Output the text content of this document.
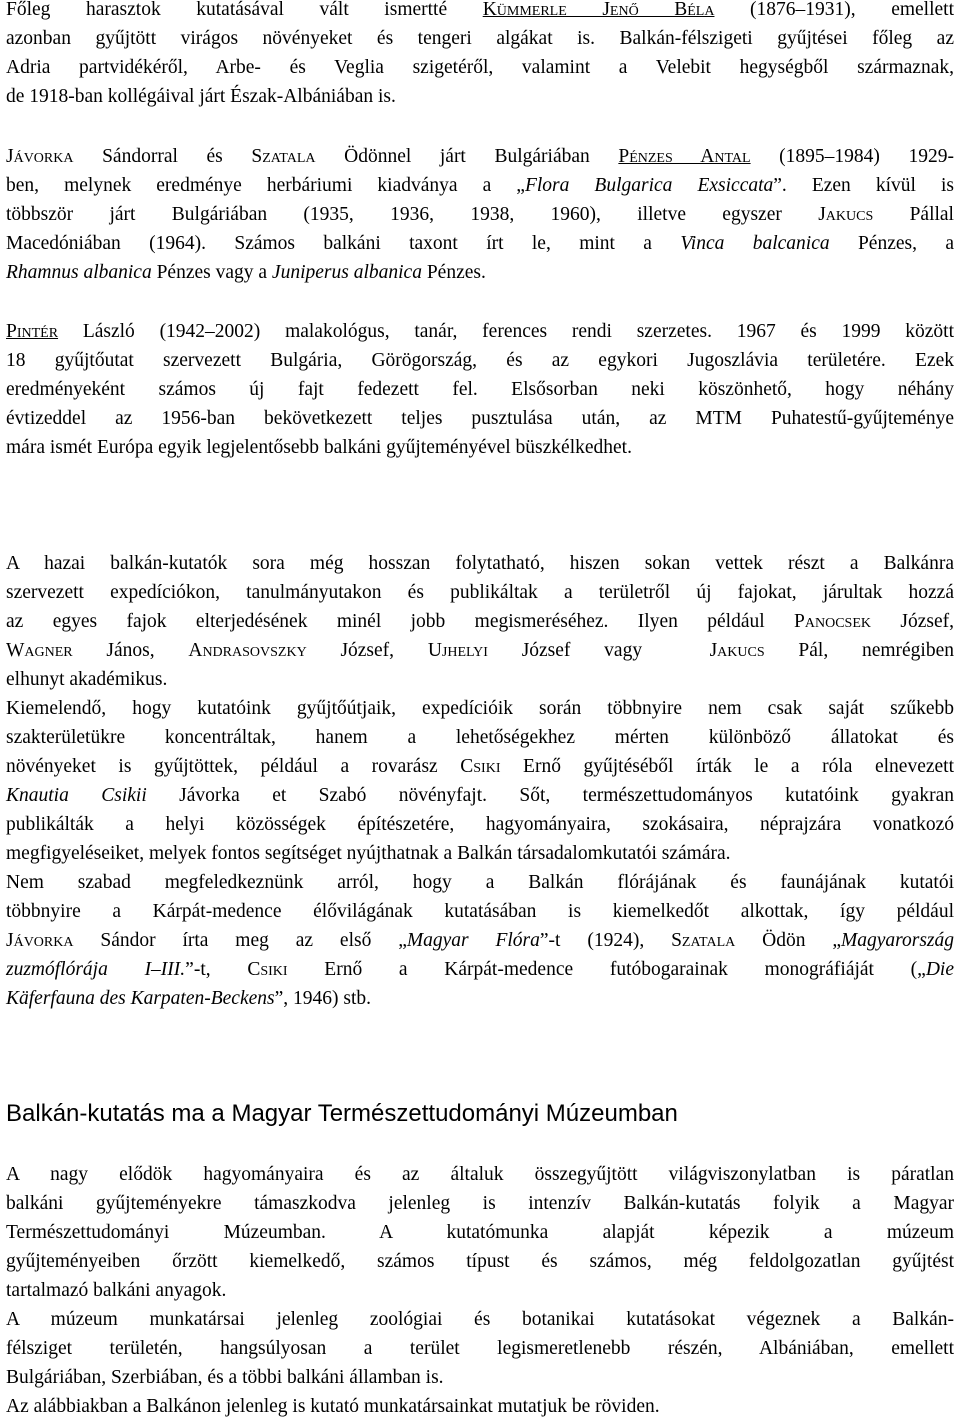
Főleg harasztok kutatásával vált ismertté Kümmerle Jenő Béla (1876–1931), emellett
azonban gyűjtött virágos növényeket és tengeri algákat is. Balkán-félszigeti gyűjtései főleg az
Adria partvidékéről, Arbe- és Veglia szigetéről, valamint a Velebit hegységből származnak,
de 1918-ban kollégáival járt Észak-Albániában is.

Jávorka Sándorral és Szatala Ödönnel járt Bulgáriában Pénzes Antal (1895–1984) 1929-
ben, melynek eredménye herbáriumi kiadványa a „Flora Bulgarica Exsiccata”. Ezen kívül is
többször járt Bulgáriában (1935, 1936, 1938, 1960), illetve egyszer Jakucs Pállal
Macedóniában (1964). Számos balkáni taxont írt le, mint a Vinca balcanica Pénzes, a
Rhamnus albanica Pénzes vagy a Juniperus albanica Pénzes.

Pintér László (1942–2002) malakológus, tanár, ferences rendi szerzetes. 1967 és 1999 között
18 gyűjtőutat szervezett Bulgária, Görögország, és az egykori Jugoszlávia területére. Ezek
eredményeként számos új fajt fedezett fel. Elsősorban neki köszönhető, hogy néhány
évtizeddel az 1956-ban bekövetkezett teljes pusztulása után, az MTM Puhatestű-gyűjteménye
mára ismét Európa egyik legjelentősebb balkáni gyűjteményével büszkélkedhet.

A hazai balkán-kutatók sora még hosszan folytatható, hiszen sokan vettek részt a Balkánra
szervezett expedíciókon, tanulmányutakon és publikáltak a területről új fajokat, járultak hozzá
az egyes fajok elterjedésének minél jobb megismeréséhez. Ilyen például Panocsek József,
Wagner János, Andrasovszky József, Ujhelyi József vagy  Jakucs Pál, nemrégiben
elhunyt akadémikus.
Kiemelendő, hogy kutatóink gyűjtőútjaik, expedícióik során többnyire nem csak saját szűkebb
szakterületükre koncentráltak, hanem a lehetőségekhez mérten különböző állatokat és
növényeket is gyűjtöttek, például a rovarász Csiki Ernő gyűjtéséből írták le a róla elnevezett
Knautia Csikii Jávorka et Szabó növényfajt. Sőt, természettudományos kutatóink gyakran
publikálták a helyi közösségek építészetére, hagyományaira, szokásaira, néprajzára vonatkozó
megfigyeléseiket, melyek fontos segítséget nyújthatnak a Balkán társadalomkutatói számára.
Nem szabad megfeledkeznünk arról, hogy a Balkán flórájának és faunájának kutatói
többnyire a Kárpát-medence élővilágának kutatásában is kiemelkedőt alkottak, így például
Jávorka Sándor írta meg az első „Magyar Flóra”-t (1924), Szatala Ödön „Magyarország
zuzmóflórája I–III.”-t, Csiki Ernő a Kárpát-medence futóbogarainak monográfiáját („Die
Käferfauna des Karpaten-Beckens”, 1946) stb.

Balkán-kutatás ma a Magyar Természettudományi Múzeumban

A nagy elődök hagyományaira és az általuk összegyűjtött világviszonylatban is páratlan
balkáni gyűjteményekre támaszkodva jelenleg is intenzív Balkán-kutatás folyik a Magyar
Természettudományi Múzeumban. A kutatómunka alapját képezik a múzeum
gyűjteményeiben őrzött kiemelkedő, számos típust és számos, még feldolgozatlan gyűjtést
tartalmazó balkáni anyagok.
A múzeum munkatársai jelenleg zoológiai és botanikai kutatásokat végeznek a Balkán-
félsziget területén, hangsúlyosan a terület legismeretlenebb részén, Albániában, emellett
Bulgáriában, Szerbiában, és a többi balkáni államban is.
Az alábbiakban a Balkánon jelenleg is kutató munkatársainkat mutatjuk be röviden.
